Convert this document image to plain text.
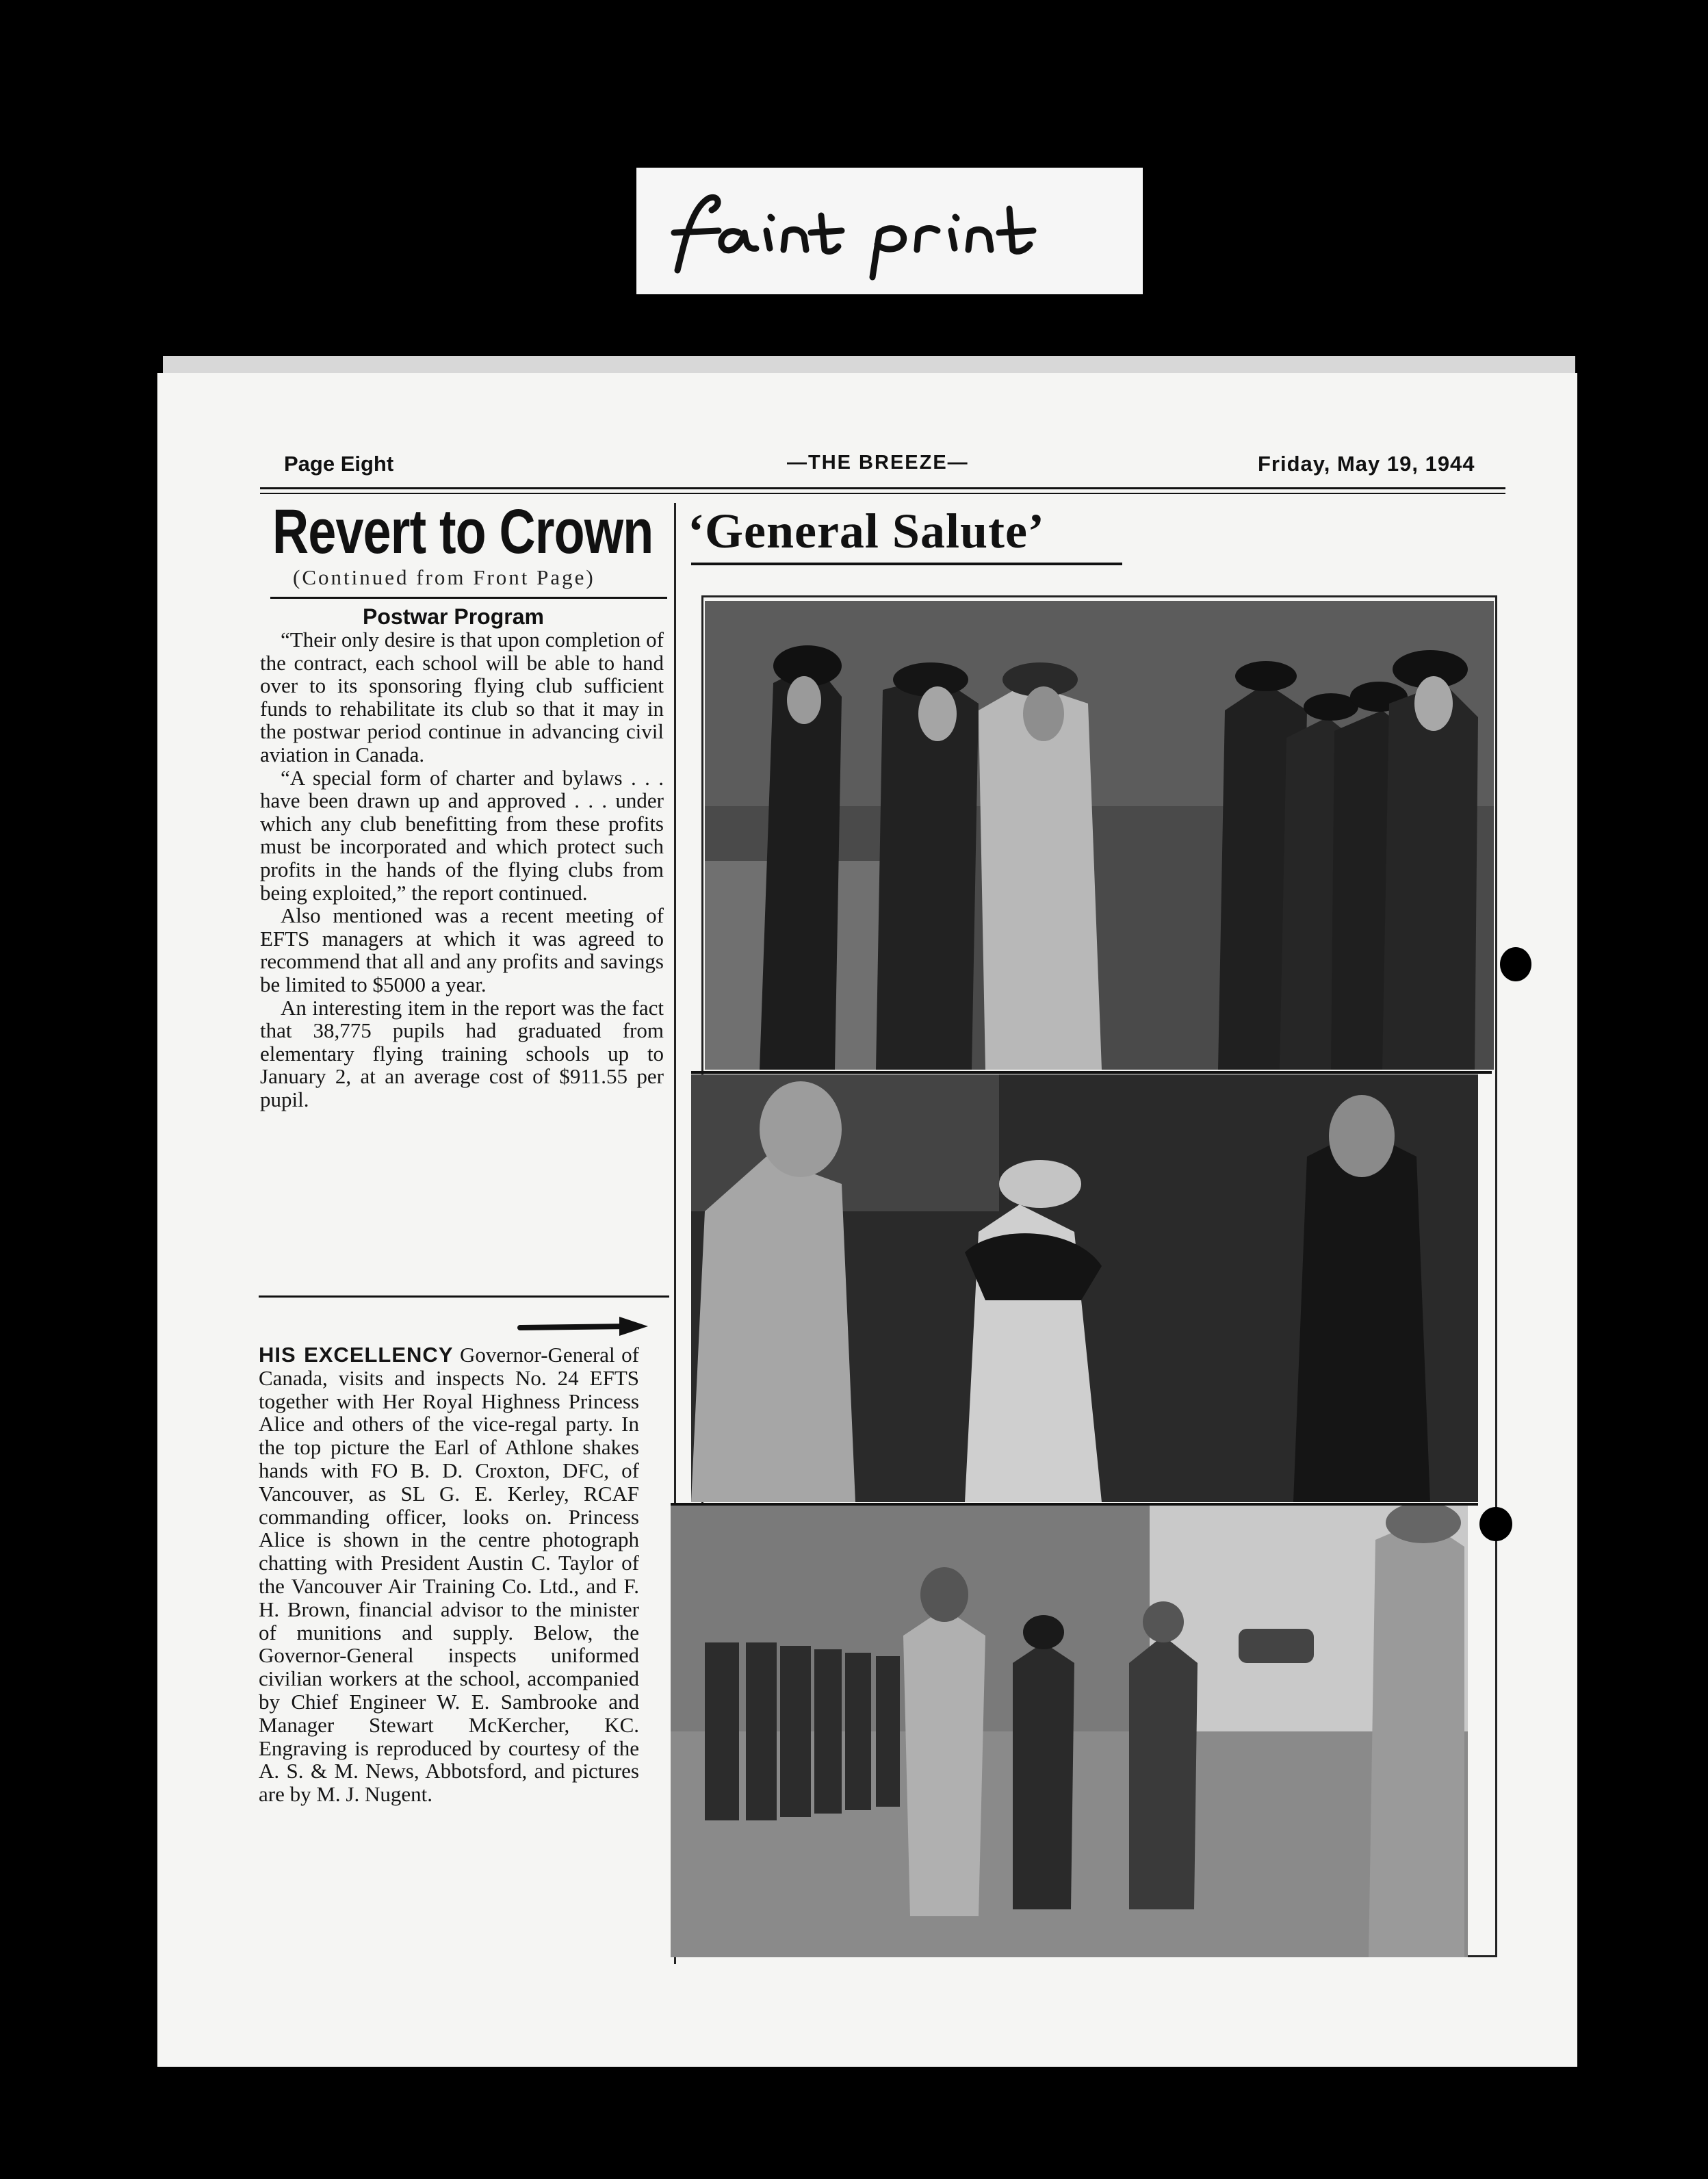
Page Eight	—THE BREEZE—	Friday, May 19, 1944
Revert to Crown
(Continued from Front Page)
Postwar Program

“Their only desire is that upon completion of the contract, each school will be able to hand over to its sponsoring flying club sufficient funds to rehabilitate its club so that it may in the postwar period continue in advancing civil aviation in Canada.

“A special form of charter and bylaws . . . have been drawn up and approved . . . under which any club benefitting from these profits must be incorporated and which protect such profits in the hands of the flying clubs from being exploited,” the report continued.

Also mentioned was a recent meeting of EFTS managers at which it was agreed to recommend that all and any profits and savings be limited to $5000 a year.

An interesting item in the report was the fact that 38,775 pupils had graduated from elementary flying training schools up to January 2, at an average cost of $911.55 per pupil.

HIS EXCELLENCY Governor-General of Canada, visits and inspects No. 24 EFTS together with Her Royal Highness Princess Alice and others of the vice-regal party. In the top picture the Earl of Athlone shakes hands with FO B. D. Croxton, DFC, of Vancouver, as SL G. E. Kerley, RCAF commanding officer, looks on. Princess Alice is shown in the centre photograph chatting with President Austin C. Taylor of the Vancouver Air Training Co. Ltd., and F. H. Brown, financial advisor to the minister of munitions and supply. Below, the Governor-General inspects uniformed civilian workers at the school, accompanied by Chief Engineer W. E. Sambrooke and Manager Stewart McKercher, KC. Engraving is reproduced by courtesy of the A. S. & M. News, Abbotsford, and pictures are by M. J. Nugent.
‘General Salute’
